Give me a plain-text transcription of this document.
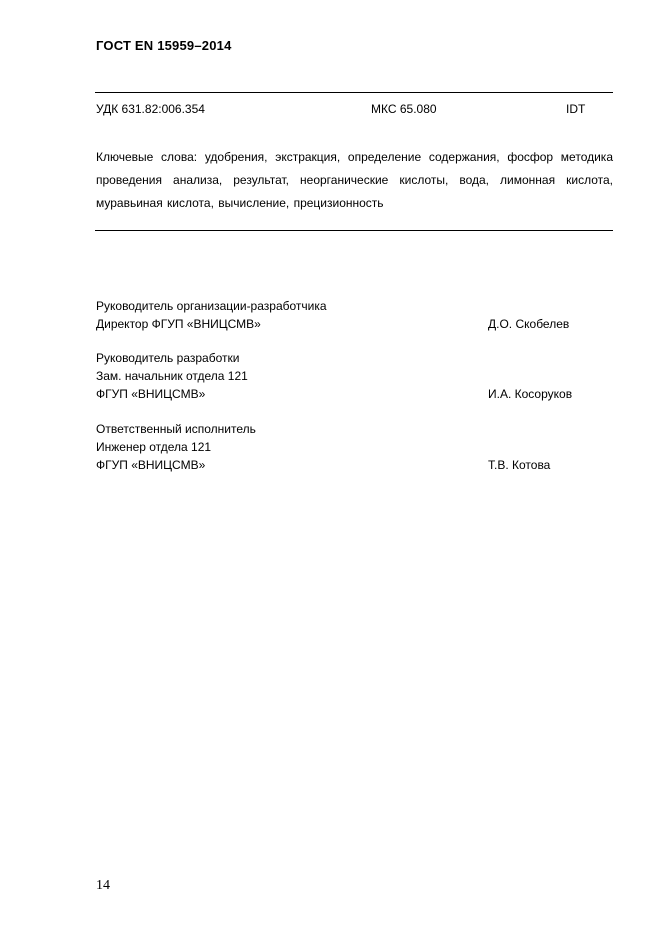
ГОСТ EN 15959–2014
УДК 631.82:006.354	МКС 65.080	IDT
Ключевые слова: удобрения, экстракция, определение содержания, фосфор методика проведения анализа, результат, неорганические кислоты, вода, лимонная кислота, муравьиная кислота, вычисление, прецизионность
Руководитель организации-разработчика
Директор ФГУП «ВНИЦСМВ»	Д.О. Скобелев
Руководитель разработки
Зам. начальник отдела 121
ФГУП «ВНИЦСМВ»	И.А. Косоруков
Ответственный исполнитель
Инженер отдела 121
ФГУП «ВНИЦСМВ»	Т.В. Котова
14
